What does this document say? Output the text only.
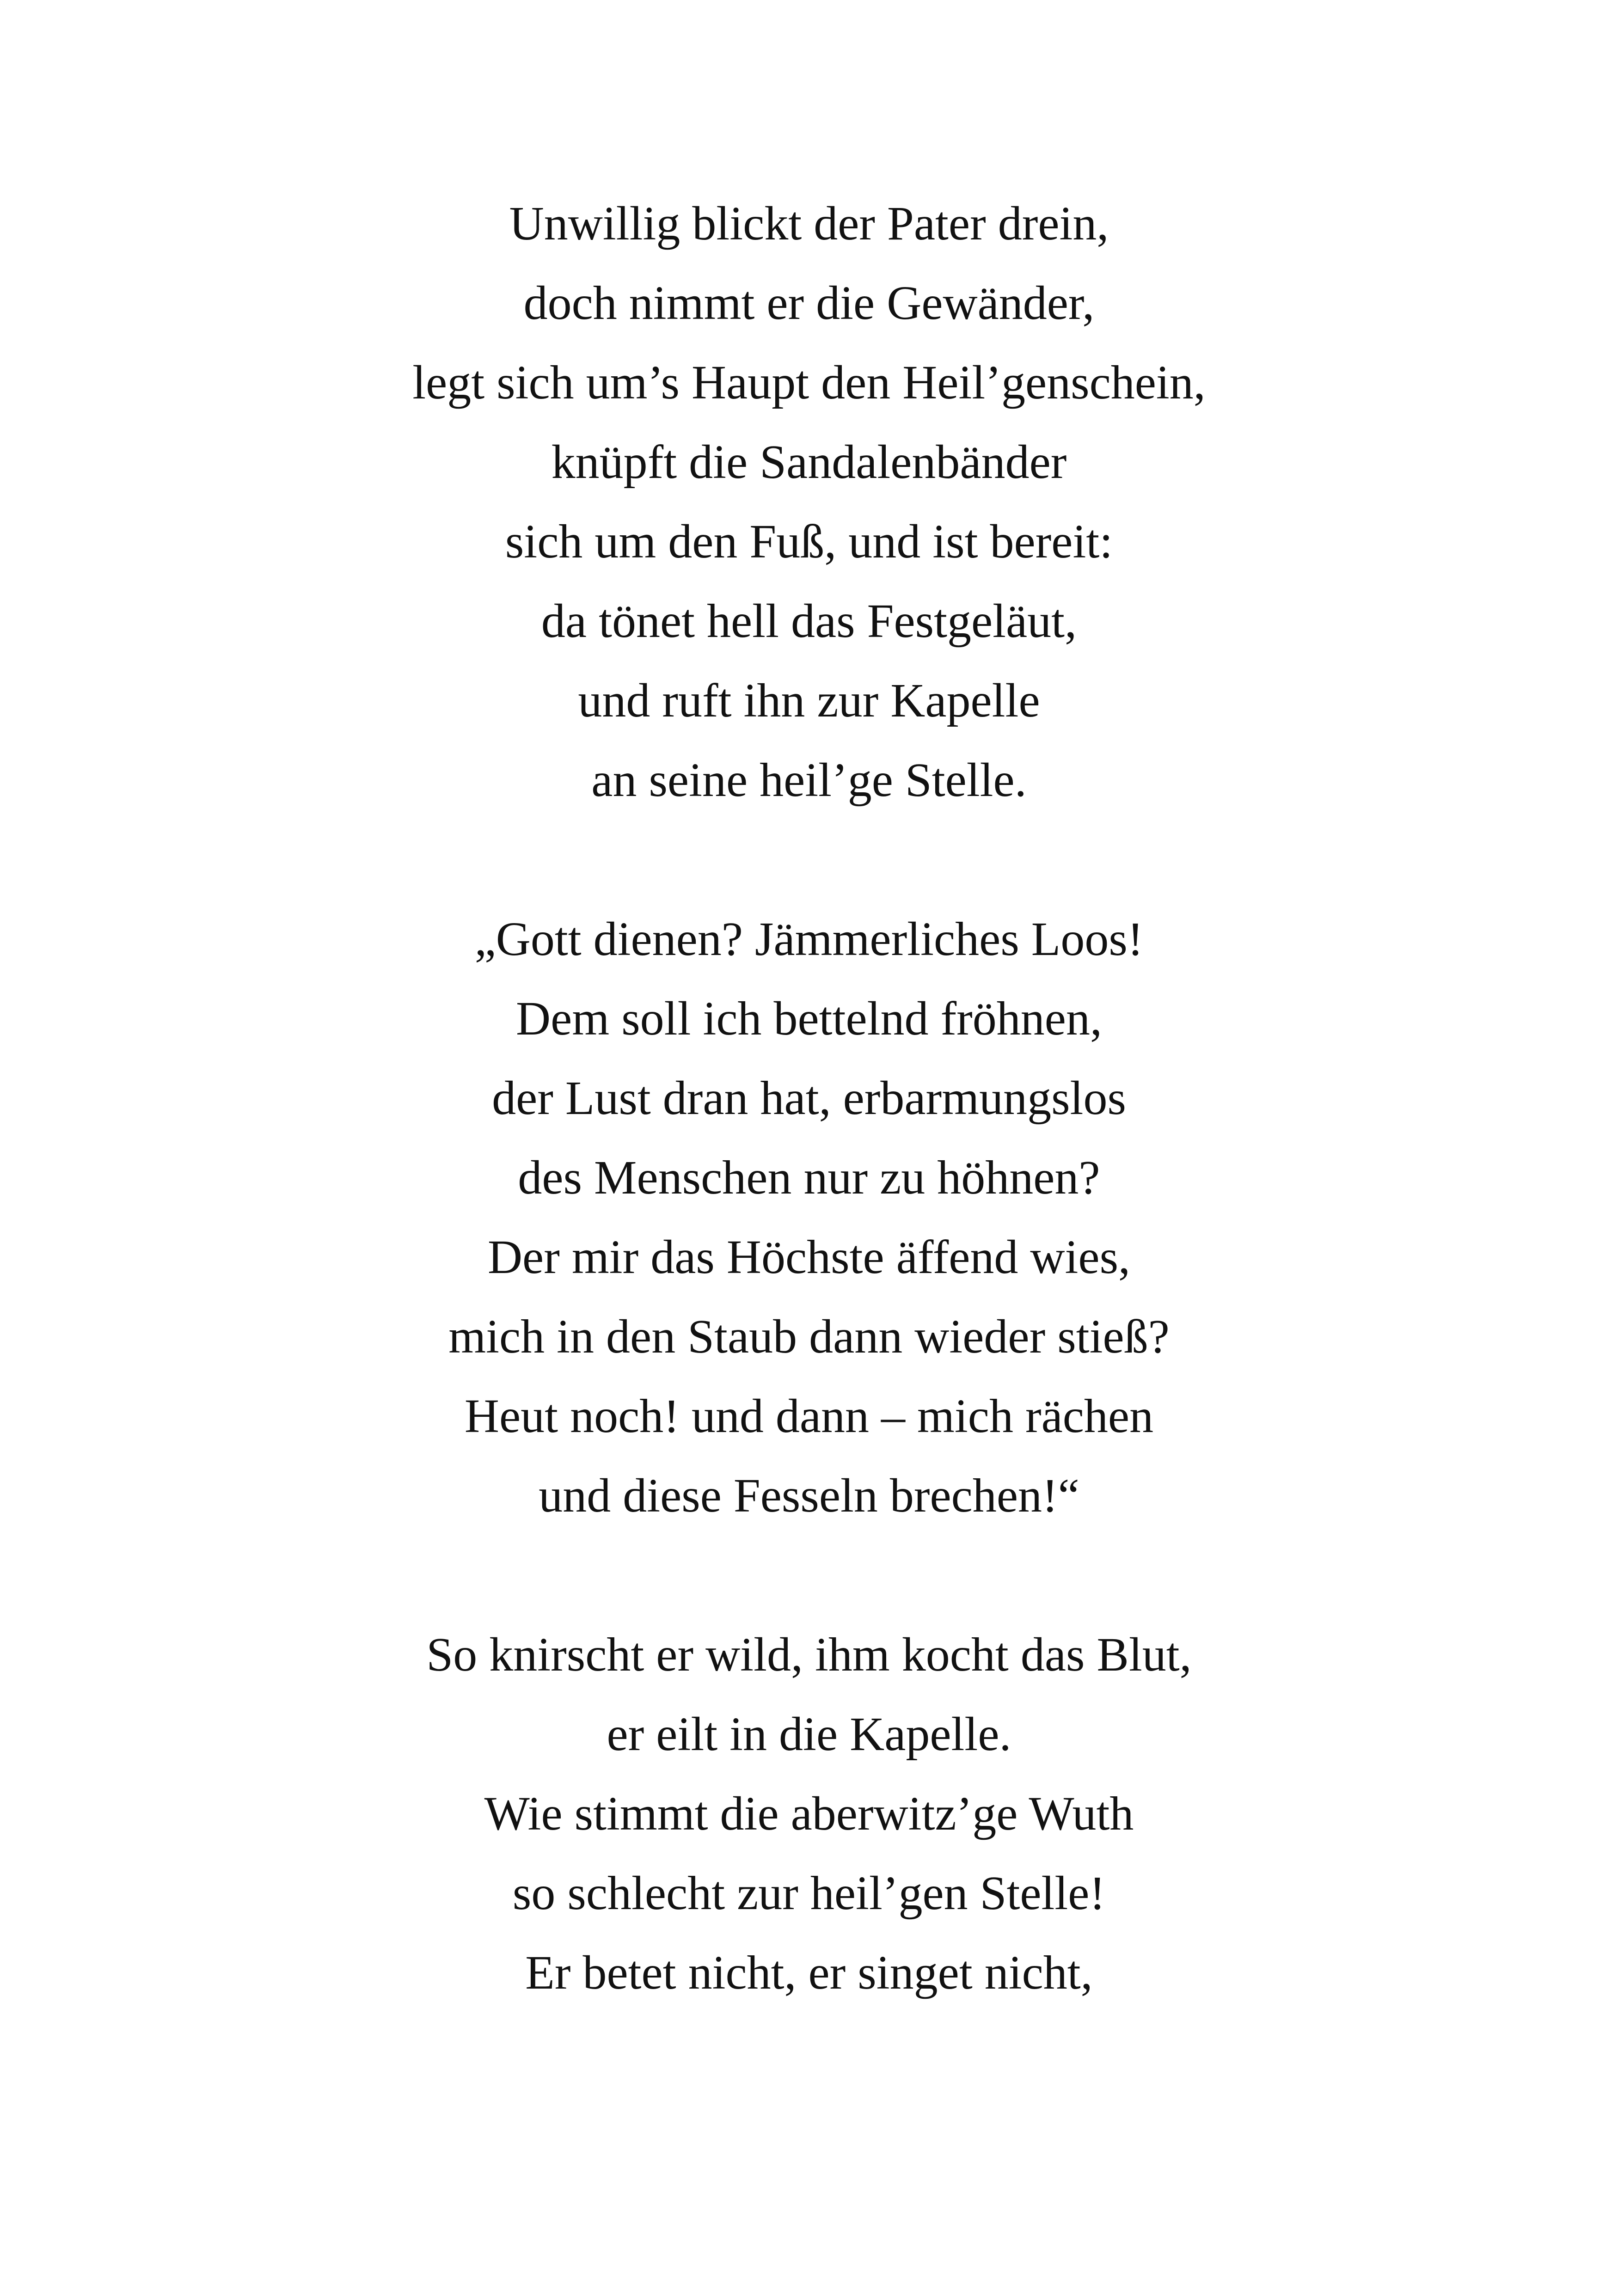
Unwillig blickt der Pater drein,
doch nimmt er die Gewänder,
legt sich um’s Haupt den Heil’genschein,
knüpft die Sandalenbänder
sich um den Fuß, und ist bereit:
da tönet hell das Festgeläut,
und ruft ihn zur Kapelle
an seine heil’ge Stelle.
„Gott dienen? Jämmerliches Loos!
Dem soll ich bettelnd fröhnen,
der Lust dran hat, erbarmungslos
des Menschen nur zu höhnen?
Der mir das Höchste äffend wies,
mich in den Staub dann wieder stieß?
Heut noch! und dann – mich rächen
und diese Fesseln brechen!“
So knirscht er wild, ihm kocht das Blut,
er eilt in die Kapelle.
Wie stimmt die aberwitz’ge Wuth
so schlecht zur heil’gen Stelle!
Er betet nicht, er singet nicht,
